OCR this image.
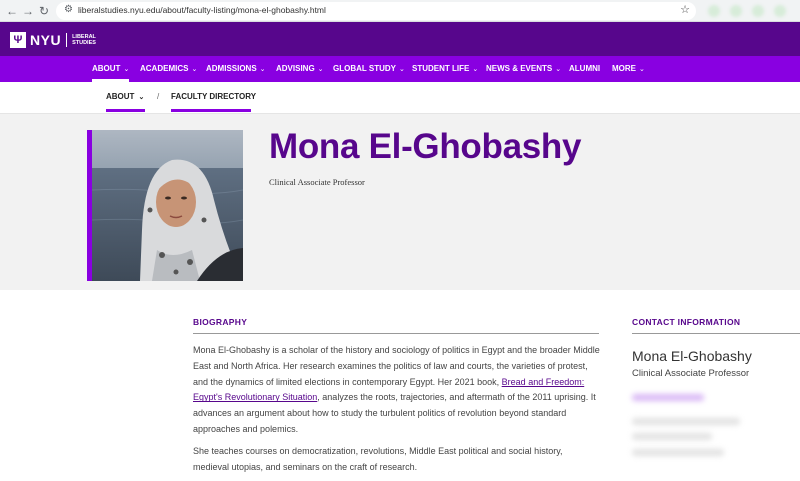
← → ↻ ⚙ liberalstudies.nyu.edu/about/faculty-listing/mona-el-ghobashy.html	☆
Ψ NYU LIBERAL
STUDIES
ABOUT ⌄ ACADEMICS ⌄ ADMISSIONS ⌄ ADVISING ⌄ GLOBAL STUDY ⌄ STUDENT LIFE ⌄ NEWS & EVENTS ⌄ ALUMNI MORE ⌄
ABOUT ⌄ / FACULTY DIRECTORY
Mona El-Ghobashy
Clinical Associate Professor
BIOGRAPHY

Mona El-Ghobashy is a scholar of the history and sociology of politics in Egypt and the broader Middle East and North Africa. Her research examines the politics of law and courts, the varieties of protest, and the dynamics of limited elections in contemporary Egypt. Her 2021 book, Bread and Freedom: Egypt's Revolutionary Situation, analyzes the roots, trajectories, and aftermath of the 2011 uprising. It advances an argument about how to study the turbulent politics of revolution beyond standard approaches and polemics.

She teaches courses on democratization, revolutions, Middle East political and social history, medieval utopias, and seminars on the craft of research.

CONTACT INFORMATION
Mona El-Ghobashy
Clinical Associate Professor
